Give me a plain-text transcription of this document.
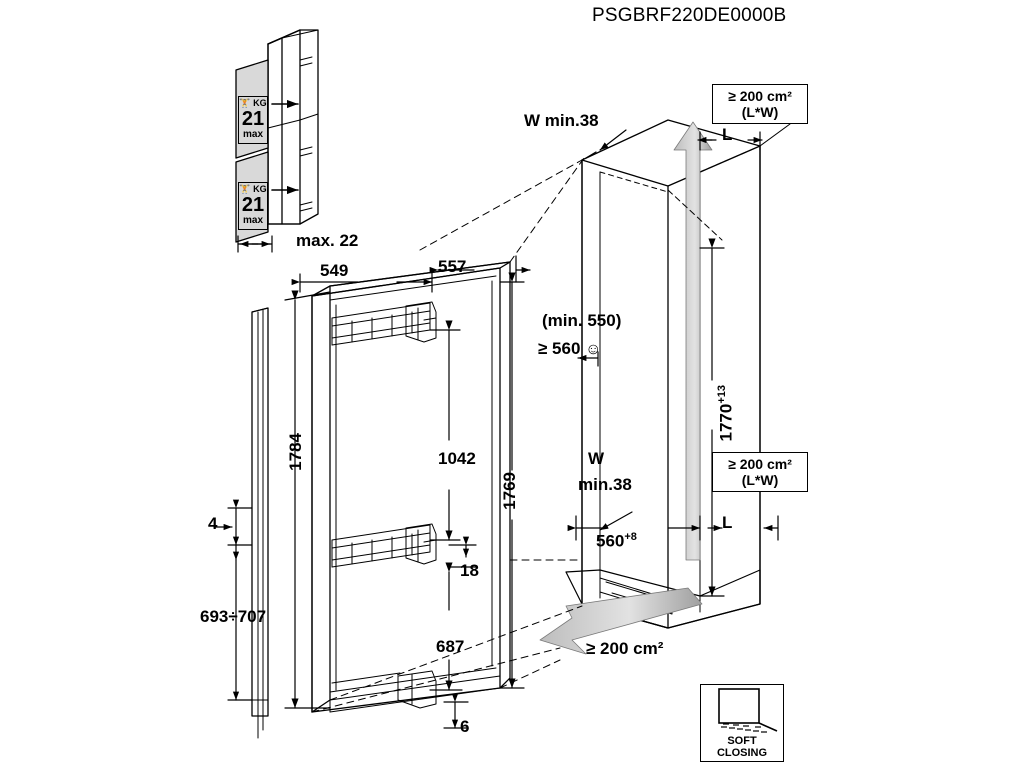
PSGBRF220DE0000B
🏋 KG
21
max
🏋 KG
21
max
max. 22
549	557
1784	1042
18
687
1769
6
4
693÷707
W min.38
L
≥ 200 cm²
(L*W)
(min. 550)
≥ 560 ☺
$1770^{+13}$
W
min.38
≥ 200 cm²
(L*W)
$560^{+8}$
L
≥ 200 cm²
SOFT
CLOSING
